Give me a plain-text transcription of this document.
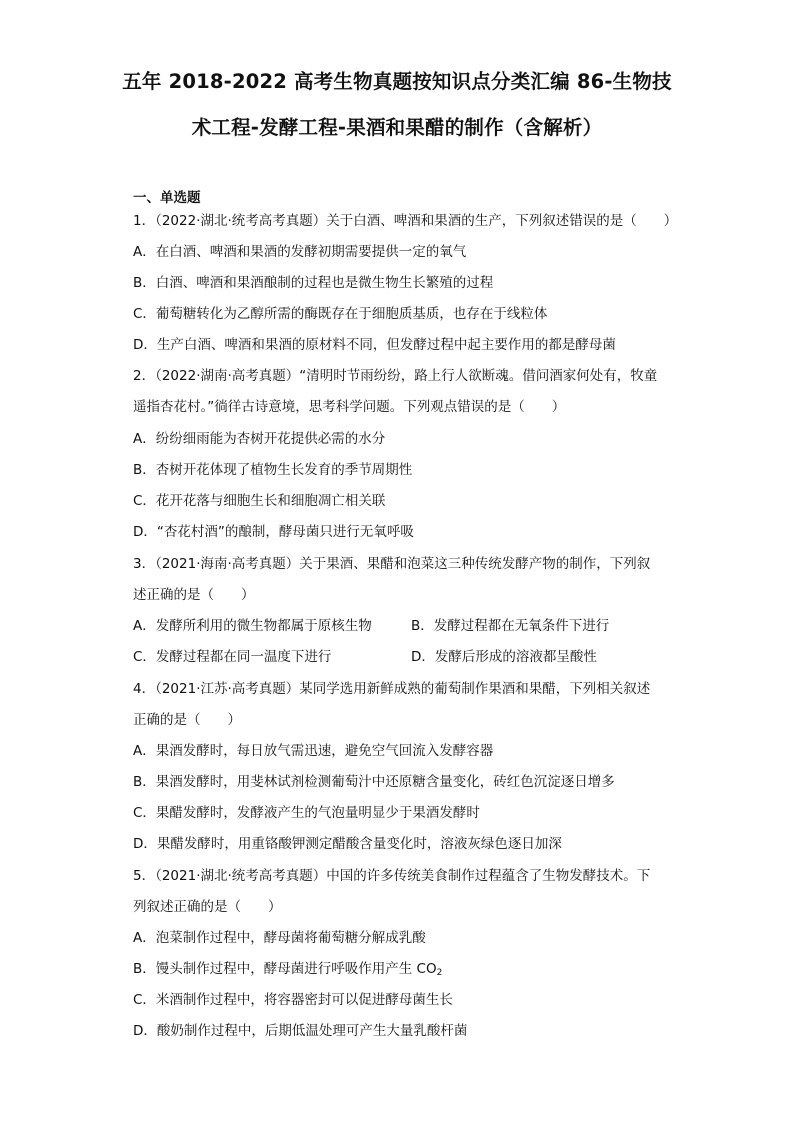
五年 2018-2022 高考生物真题按知识点分类汇编 86-生物技
术工程-发酵工程-果酒和果醋的制作（含解析）
一、单选题
1．（2022·湖北·统考高考真题）关于白酒、啤酒和果酒的生产，下列叙述错误的是（　　）
A．在白酒、啤酒和果酒的发酵初期需要提供一定的氧气
B．白酒、啤酒和果酒酿制的过程也是微生物生长繁殖的过程
C．葡萄糖转化为乙醇所需的酶既存在于细胞质基质，也存在于线粒体
D．生产白酒、啤酒和果酒的原材料不同，但发酵过程中起主要作用的都是酵母菌
2．（2022·湖南·高考真题）“清明时节雨纷纷，路上行人欲断魂。借问酒家何处有，牧童
遥指杏花村。”徜徉古诗意境，思考科学问题。下列观点错误的是（　　）
A．纷纷细雨能为杏树开花提供必需的水分
B．杏树开花体现了植物生长发育的季节周期性
C．花开花落与细胞生长和细胞凋亡相关联
D．“杏花村酒”的酿制，酵母菌只进行无氧呼吸
3．（2021·海南·高考真题）关于果酒、果醋和泡菜这三种传统发酵产物的制作，下列叙
述正确的是（　　）
A．发酵所利用的微生物都属于原核生物	B．发酵过程都在无氧条件下进行
C．发酵过程都在同一温度下进行	D．发酵后形成的溶液都呈酸性
4．（2021·江苏·高考真题）某同学选用新鲜成熟的葡萄制作果酒和果醋，下列相关叙述
正确的是（　　）
A．果酒发酵时，每日放气需迅速，避免空气回流入发酵容器
B．果酒发酵时，用斐林试剂检测葡萄汁中还原糖含量变化，砖红色沉淀逐日增多
C．果醋发酵时，发酵液产生的气泡量明显少于果酒发酵时
D．果醋发酵时，用重铬酸钾测定醋酸含量变化时，溶液灰绿色逐日加深
5．（2021·湖北·统考高考真题）中国的许多传统美食制作过程蕴含了生物发酵技术。下
列叙述正确的是（　　）
A．泡菜制作过程中，酵母菌将葡萄糖分解成乳酸
B．馒头制作过程中，酵母菌进行呼吸作用产生 $CO_2$
C．米酒制作过程中，将容器密封可以促进酵母菌生长
D．酸奶制作过程中，后期低温处理可产生大量乳酸杆菌
